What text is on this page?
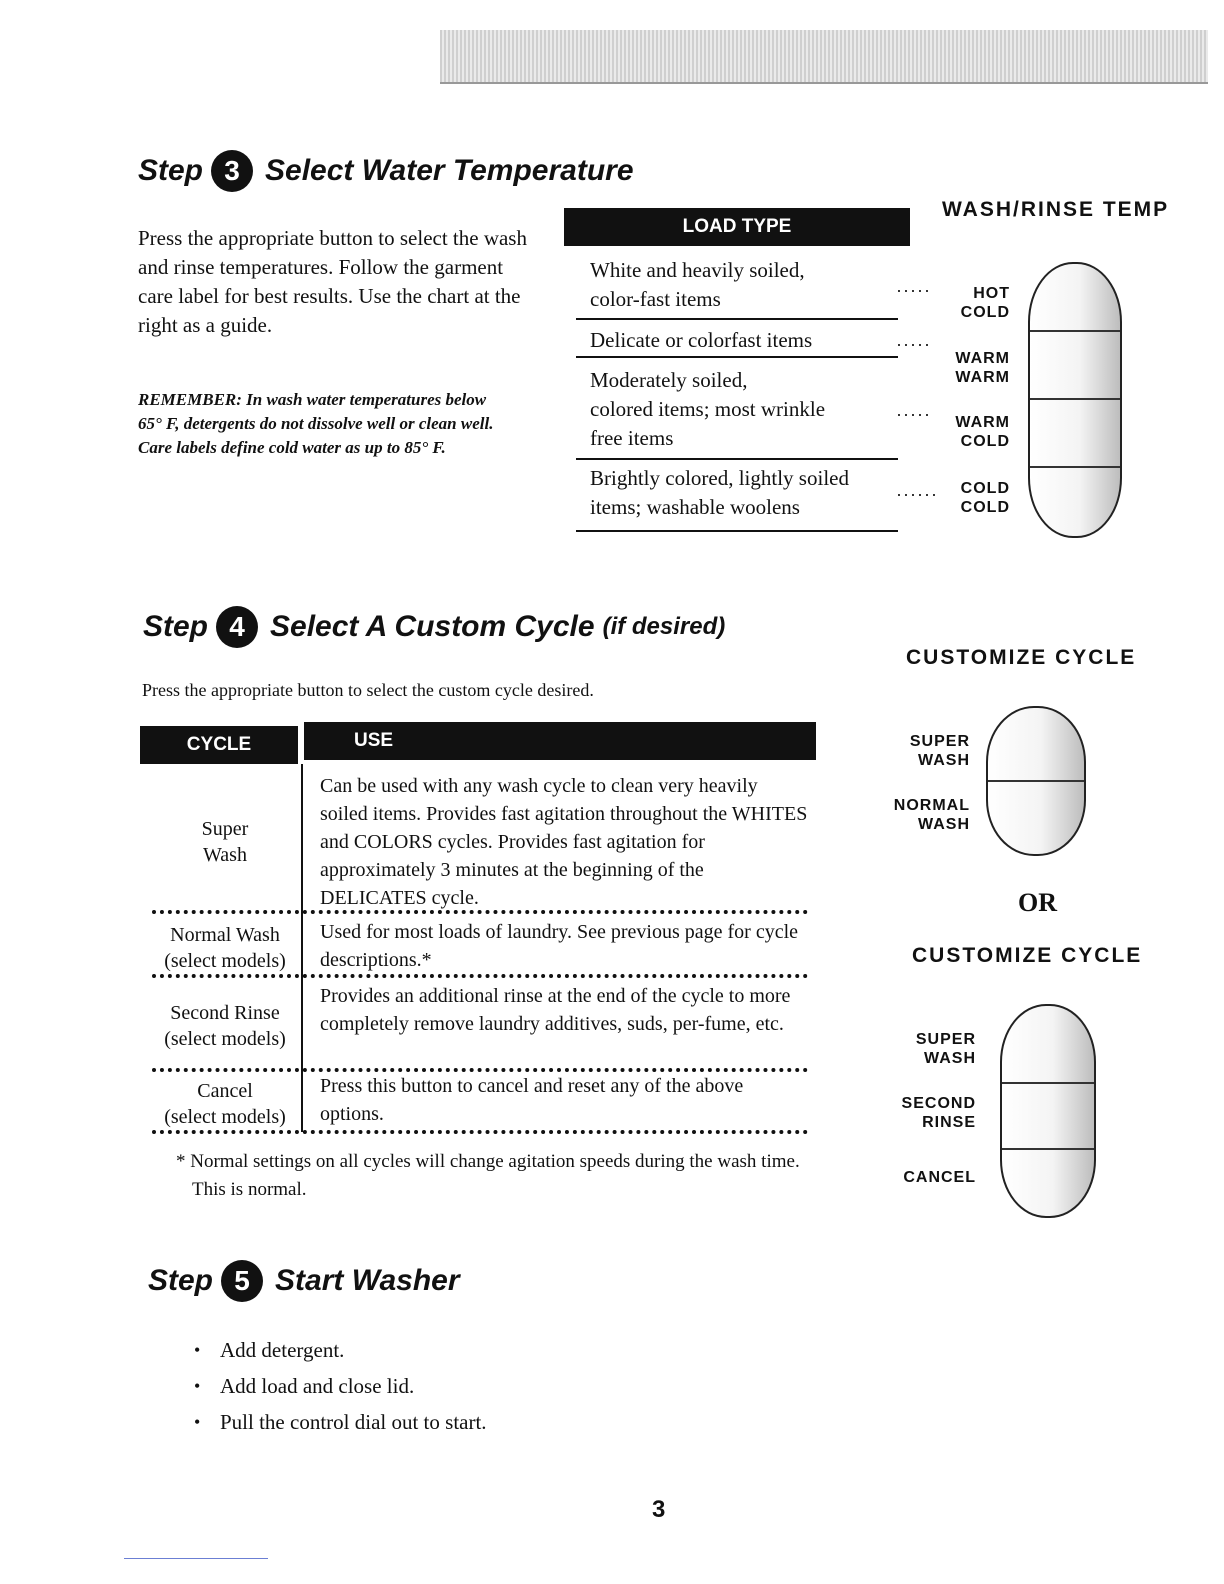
Step 3 Select Water Temperature
Press the appropriate button to select the wash and rinse temperatures. Follow the garment care label for best results. Use the chart at the right as a guide.
REMEMBER: In wash water temperatures below 65° F, detergents do not dissolve well or clean well. Care labels define cold water as up to 85° F.
LOAD TYPE
WASH/RINSE TEMP
White and heavily soiled,
color-fast items
Delicate or colorfast items
Moderately soiled,
colored items; most wrinkle
free items
Brightly colored, lightly soiled
items; washable woolens
·····
·····
·····
······
HOT
COLD
WARM
WARM
WARM
COLD
COLD
COLD
Step 4 Select A Custom Cycle (if desired)
Press the appropriate button to select the custom cycle desired.
CYCLE	USE
Super
Wash
Can be used with any wash cycle to clean very heavily soiled items. Provides fast agitation throughout the WHITES and COLORS cycles. Provides fast agitation for approximately 3 minutes at the beginning of the DELICATES cycle.
Normal Wash
(select models)
Used for most loads of laundry. See previous page for cycle descriptions.*
Second Rinse
(select models)
Provides an additional rinse at the end of the cycle to more completely remove laundry additives, suds, per-fume, etc.
Cancel
(select models)
Press this button to cancel and reset any of the above options.
* Normal settings on all cycles will change agitation speeds during the wash time. This is normal.
CUSTOMIZE CYCLE
SUPER
WASH
NORMAL
WASH
OR
CUSTOMIZE CYCLE
SUPER
WASH
SECOND
RINSE
CANCEL
Step 5 Start Washer
• Add detergent.
• Add load and close lid.
• Pull the control dial out to start.
3
